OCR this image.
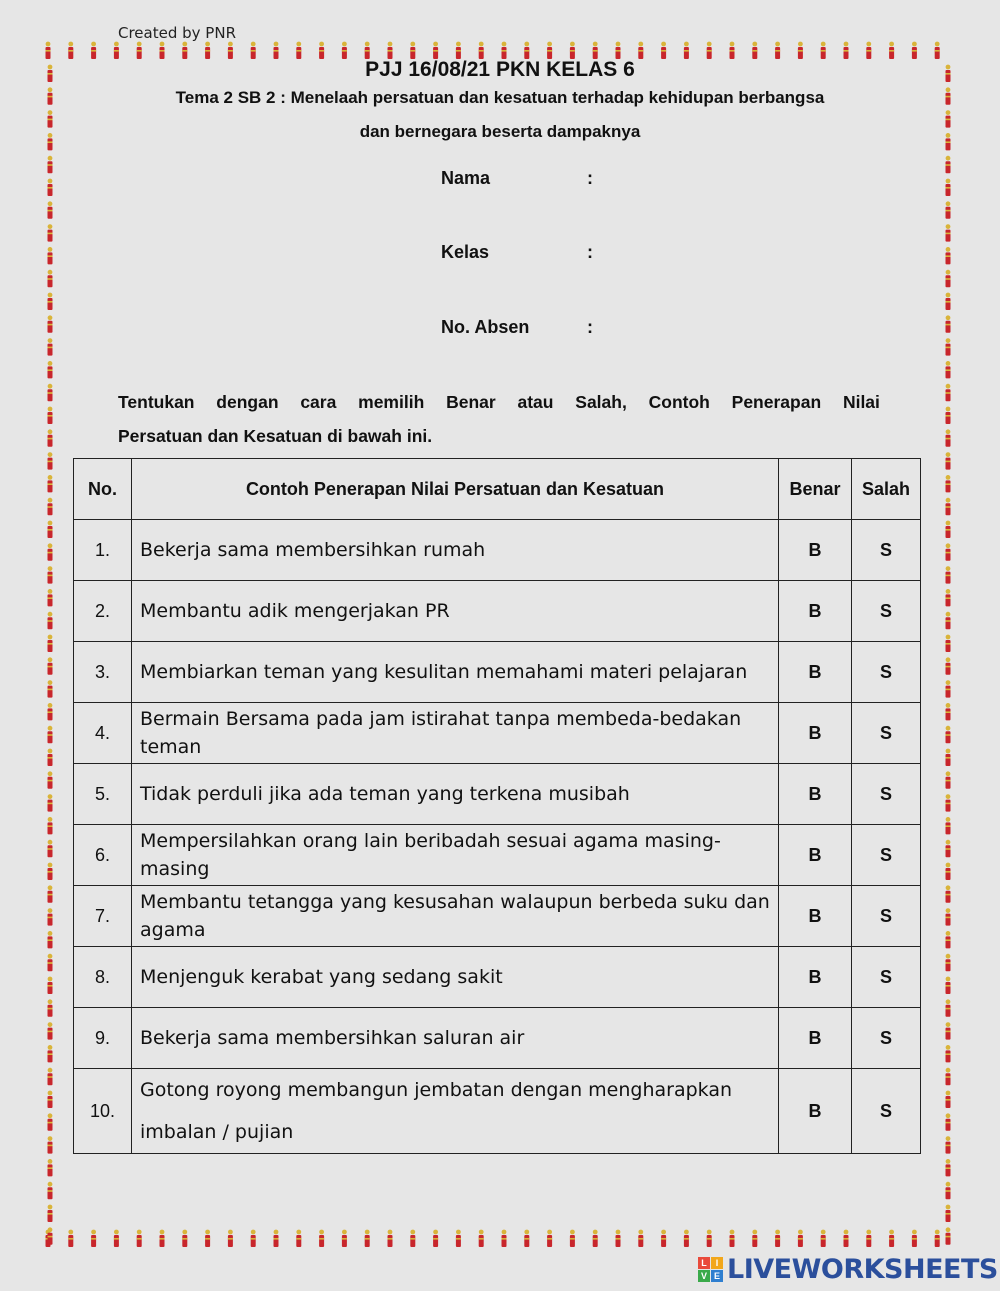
Created by PNR
PJJ 16/08/21 PKN KELAS 6
Tema 2 SB 2 : Menelaah persatuan dan kesatuan terhadap kehidupan berbangsa
dan bernegara beserta dampaknya
Nama	:
Kelas	:
No. Absen	:
Tentukan dengan cara memilih Benar atau Salah, Contoh Penerapan Nilai
Persatuan dan Kesatuan di bawah ini.
No.	Contoh Penerapan Nilai Persatuan dan Kesatuan	Benar	Salah
1.	Bekerja sama membersihkan rumah	B	S
2.	Membantu adik mengerjakan PR	B	S
3.	Membiarkan teman yang kesulitan memahami materi pelajaran	B	S
4.	Bermain Bersama pada jam istirahat tanpa membeda-bedakan teman	B	S
5.	Tidak perduli jika ada teman yang terkena musibah	B	S
6.	Mempersilahkan orang lain beribadah sesuai agama masing-masing	B	S
7.	Membantu tetangga yang kesusahan walaupun berbeda suku dan agama	B	S
8.	Menjenguk kerabat yang sedang sakit	B	S
9.	Bekerja sama membersihkan saluran air	B	S
10.	Gotong royong membangun jembatan dengan mengharapkan imbalan / pujian	B	S
L I
V E LIVEWORKSHEETS
